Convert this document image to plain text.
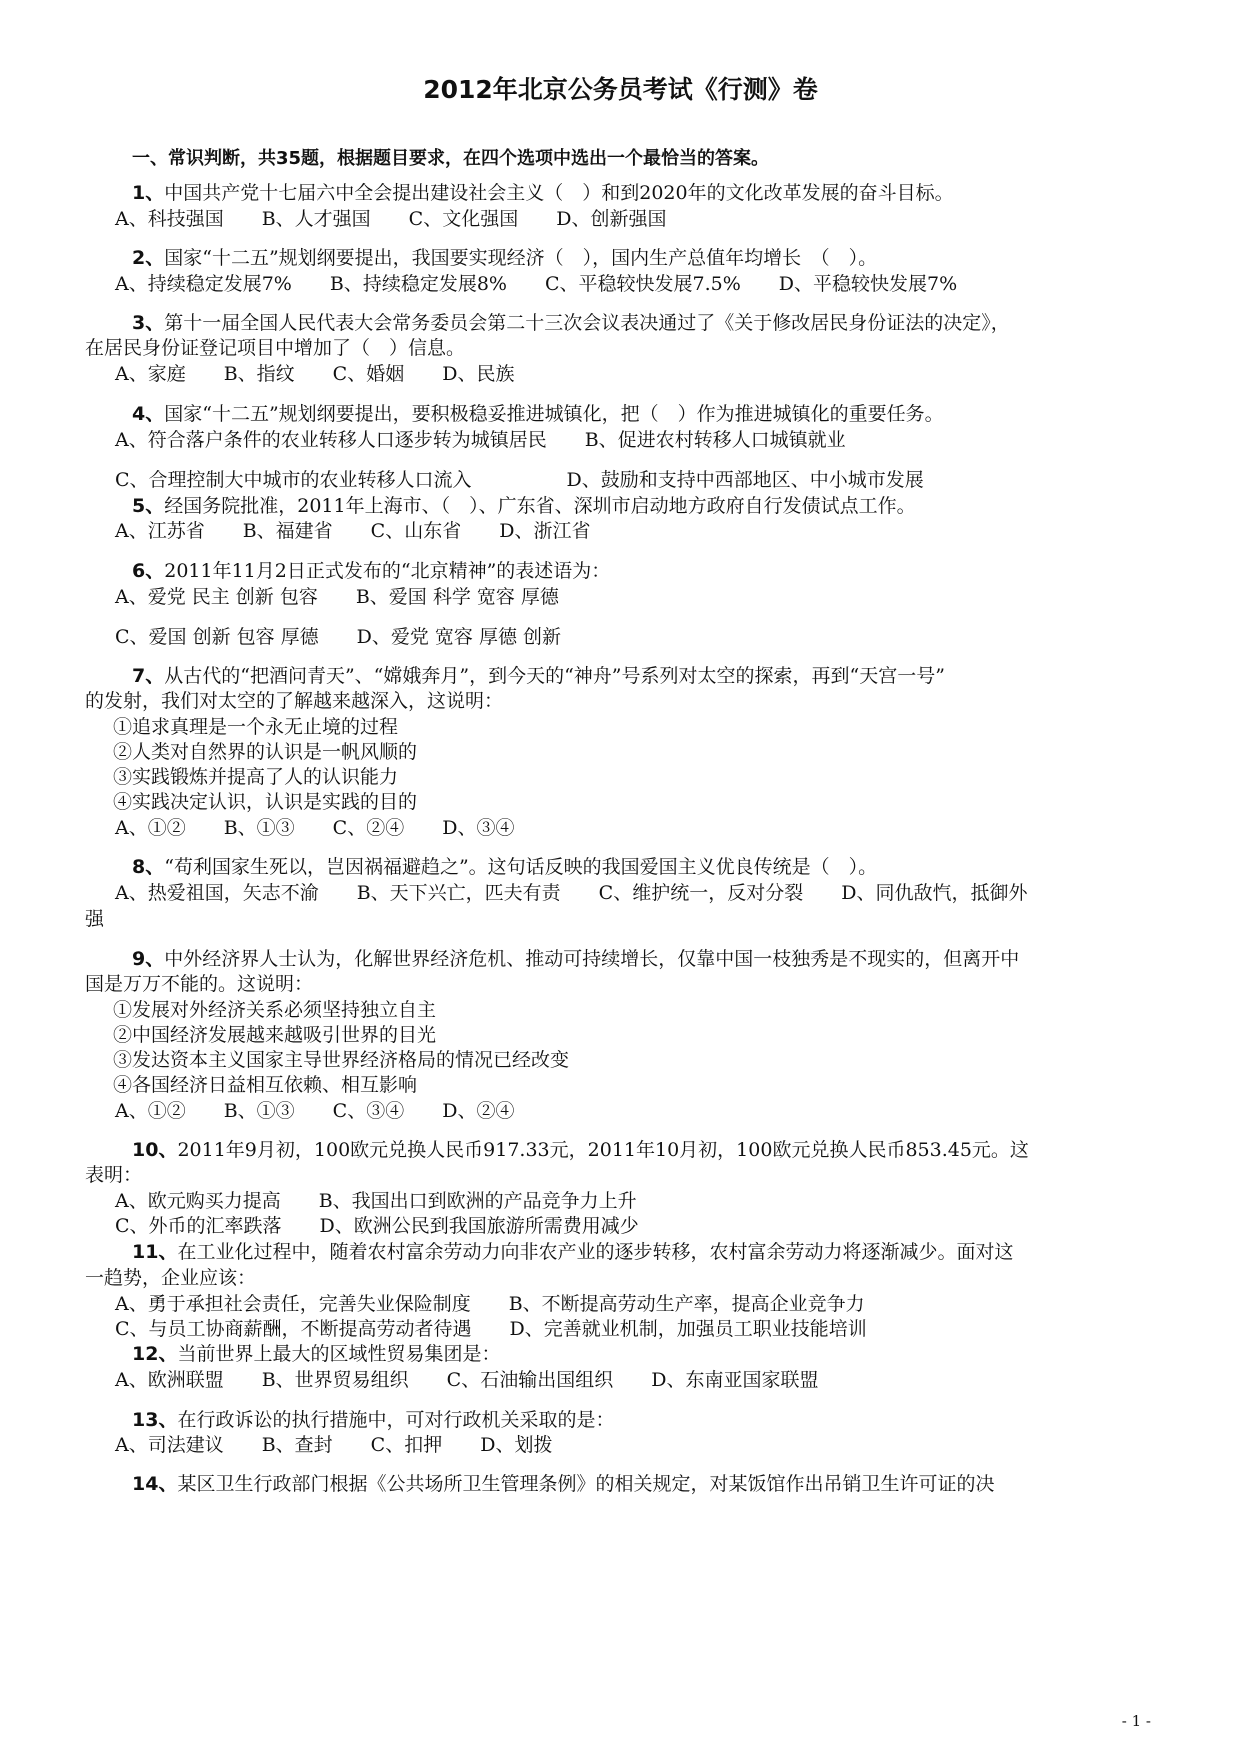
2012年北京公务员考试《行测》卷
一、常识判断，共35题，根据题目要求，在四个选项中选出一个最恰当的答案。
1、中国共产党十七届六中全会提出建设社会主义（　）和到2020年的文化改革发展的奋斗目标。
A、科技强国　　B、人才强国　　C、文化强国　　D、创新强国
2、国家“十二五”规划纲要提出，我国要实现经济（　），国内生产总值年均增长　（　）。
A、持续稳定发展7%　　B、持续稳定发展8%　　C、平稳较快发展7.5%　　D、平稳较快发展7%
3、第十一届全国人民代表大会常务委员会第二十三次会议表决通过了《关于修改居民身份证法的决定》，
在居民身份证登记项目中增加了（　）信息。
A、家庭　　B、指纹　　C、婚姻　　D、民族
4、国家“十二五”规划纲要提出，要积极稳妥推进城镇化，把（　）作为推进城镇化的重要任务。
A、符合落户条件的农业转移人口逐步转为城镇居民　　B、促进农村转移人口城镇就业
C、合理控制大中城市的农业转移人口流入　　　　　D、鼓励和支持中西部地区、中小城市发展
5、经国务院批准，2011年上海市、（　）、广东省、深圳市启动地方政府自行发债试点工作。
A、江苏省　　B、福建省　　C、山东省　　D、浙江省
6、2011年11月2日正式发布的“北京精神”的表述语为：
A、爱党 民主 创新 包容　　B、爱国 科学 宽容 厚德
C、爱国 创新 包容 厚德　　D、爱党 宽容 厚德 创新
7、从古代的“把酒问青天”、“嫦娥奔月”，到今天的“神舟”号系列对太空的探索，再到“天宫一号”
的发射，我们对太空的了解越来越深入，这说明：
①追求真理是一个永无止境的过程
②人类对自然界的认识是一帆风顺的
③实践锻炼并提高了人的认识能力
④实践决定认识，认识是实践的目的
A、①②　　B、①③　　C、②④　　D、③④
8、“苟利国家生死以，岂因祸福避趋之”。这句话反映的我国爱国主义优良传统是（　）。
A、热爱祖国，矢志不渝　　B、天下兴亡，匹夫有责　　C、维护统一，反对分裂　　D、同仇敌忾，抵御外
强
9、中外经济界人士认为，化解世界经济危机、推动可持续增长，仅靠中国一枝独秀是不现实的，但离开中
国是万万不能的。这说明：
①发展对外经济关系必须坚持独立自主
②中国经济发展越来越吸引世界的目光
③发达资本主义国家主导世界经济格局的情况已经改变
④各国经济日益相互依赖、相互影响
A、①②　　B、①③　　C、③④　　D、②④
10、2011年9月初，100欧元兑换人民币917.33元，2011年10月初，100欧元兑换人民币853.45元。这
表明：
A、欧元购买力提高　　B、我国出口到欧洲的产品竞争力上升
C、外币的汇率跌落　　D、欧洲公民到我国旅游所需费用减少
11、在工业化过程中，随着农村富余劳动力向非农产业的逐步转移，农村富余劳动力将逐渐减少。面对这
一趋势，企业应该：
A、勇于承担社会责任，完善失业保险制度　　B、不断提高劳动生产率，提高企业竞争力
C、与员工协商薪酬，不断提高劳动者待遇　　D、完善就业机制，加强员工职业技能培训
12、当前世界上最大的区域性贸易集团是：
A、欧洲联盟　　B、世界贸易组织　　C、石油输出国组织　　D、东南亚国家联盟
13、在行政诉讼的执行措施中，可对行政机关采取的是：
A、司法建议　　B、查封　　C、扣押　　D、划拨
14、某区卫生行政部门根据《公共场所卫生管理条例》的相关规定，对某饭馆作出吊销卫生许可证的决
- 1 -
